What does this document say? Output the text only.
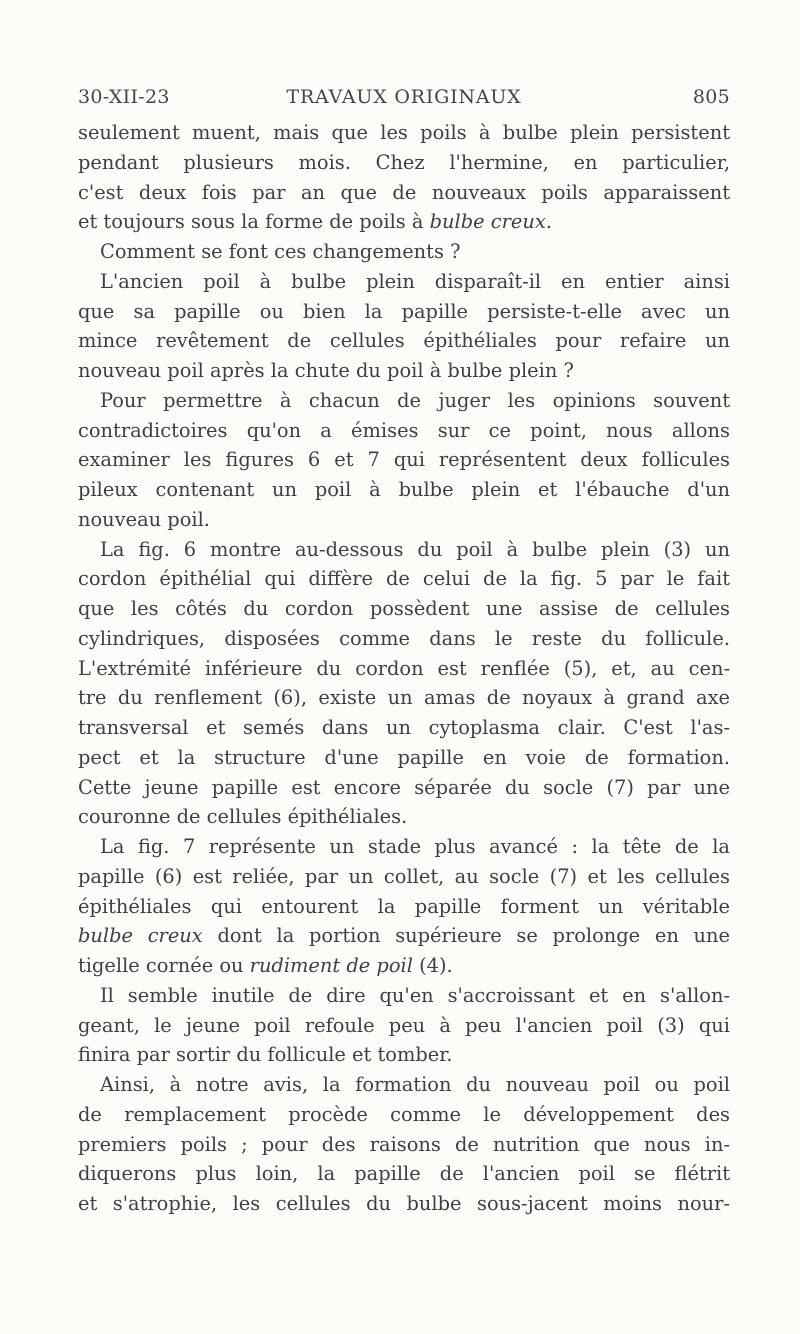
30-XII-23	TRAVAUX ORIGINAUX	805
seulement muent, mais que les poils à bulbe plein persistent
pendant plusieurs mois. Chez l'hermine, en particulier,
c'est deux fois par an que de nouveaux poils apparaissent
et toujours sous la forme de poils à bulbe creux.
Comment se font ces changements ?
L'ancien poil à bulbe plein disparaît-il en entier ainsi
que sa papille ou bien la papille persiste-t-elle avec un
mince revêtement de cellules épithéliales pour refaire un
nouveau poil après la chute du poil à bulbe plein ?
Pour permettre à chacun de juger les opinions souvent
contradictoires qu'on a émises sur ce point, nous allons
examiner les figures 6 et 7 qui représentent deux follicules
pileux contenant un poil à bulbe plein et l'ébauche d'un
nouveau poil.
La fig. 6 montre au-dessous du poil à bulbe plein (3) un
cordon épithélial qui diffère de celui de la fig. 5 par le fait
que les côtés du cordon possèdent une assise de cellules
cylindriques, disposées comme dans le reste du follicule.
L'extrémité inférieure du cordon est renflée (5), et, au cen-
tre du renflement (6), existe un amas de noyaux à grand axe
transversal et semés dans un cytoplasma clair. C'est l'as-
pect et la structure d'une papille en voie de formation.
Cette jeune papille est encore séparée du socle (7) par une
couronne de cellules épithéliales.
La fig. 7 représente un stade plus avancé : la tête de la
papille (6) est reliée, par un collet, au socle (7) et les cellules
épithéliales qui entourent la papille forment un véritable
bulbe creux dont la portion supérieure se prolonge en une
tigelle cornée ou rudiment de poil (4).
Il semble inutile de dire qu'en s'accroissant et en s'allon-
geant, le jeune poil refoule peu à peu l'ancien poil (3) qui
finira par sortir du follicule et tomber.
Ainsi, à notre avis, la formation du nouveau poil ou poil
de remplacement procède comme le développement des
premiers poils ; pour des raisons de nutrition que nous in-
diquerons plus loin, la papille de l'ancien poil se flétrit
et s'atrophie, les cellules du bulbe sous-jacent moins nour-
